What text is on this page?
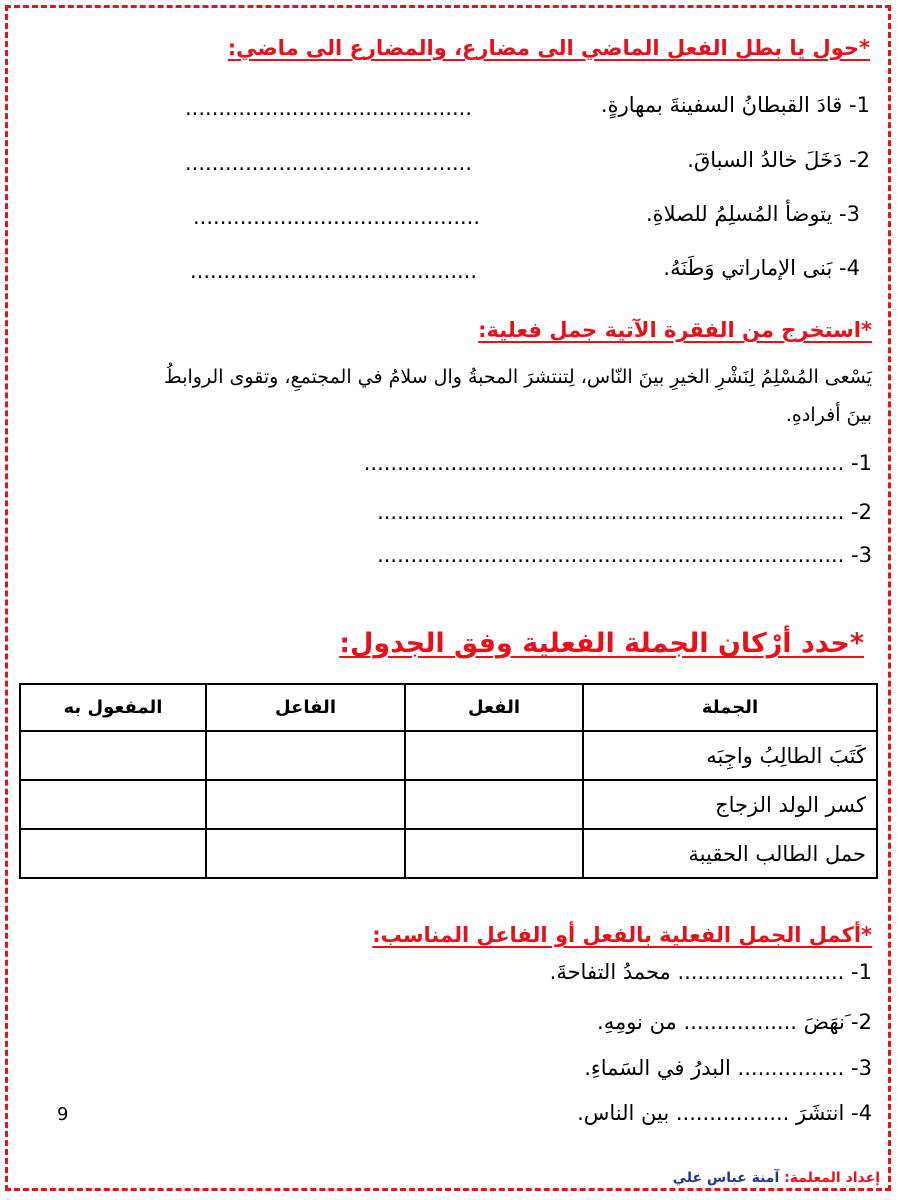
*حول يا بطل الفعل الماضي الى مضارع، والمضارع الى ماضي:
1- قادَ القبطانُ السفينةَ بمهارةٍ.
...........................................
2- دَخَلَ خالدُ السباقَ.
...........................................
3- يتوضأ المُسلِمُ للصلاةِ.
...........................................
4- بَنى الإماراتي وَطَنَهُ.
...........................................
*استخرج من الفقرة الآتية جمل فعلية:
يَسْعى المُسْلِمُ لِنَشْرِ الخيرِ بينَ النّاس، لِتنتشرَ المحبةُ وال سلامُ في المجتمعِ، وتقوى الروابطُ
بينَ أفرادهِ.
1- ........................................................................
2- ......................................................................
3- ......................................................................
*حدد أرْكان الجملة الفعلية وفق الجدول:
الجملة	الفعل	الفاعل	المفعول به
كَتَبَ الطالِبُ واجِبَه			
كسر الولد الزجاج			
حمل الطالب الحقيبة			
*أكمل الجمل الفعلية بالفعل أو الفاعل المناسب:
1- ......................... محمدُ التفاحةَ.
2- َنهَضَ ................. من نومِهِ.
3- ................ البدرُ في السَماءِ.
4- انتشَرَ ................. بين الناس.
9
إعداد المعلمة: آمنة عباس علي
